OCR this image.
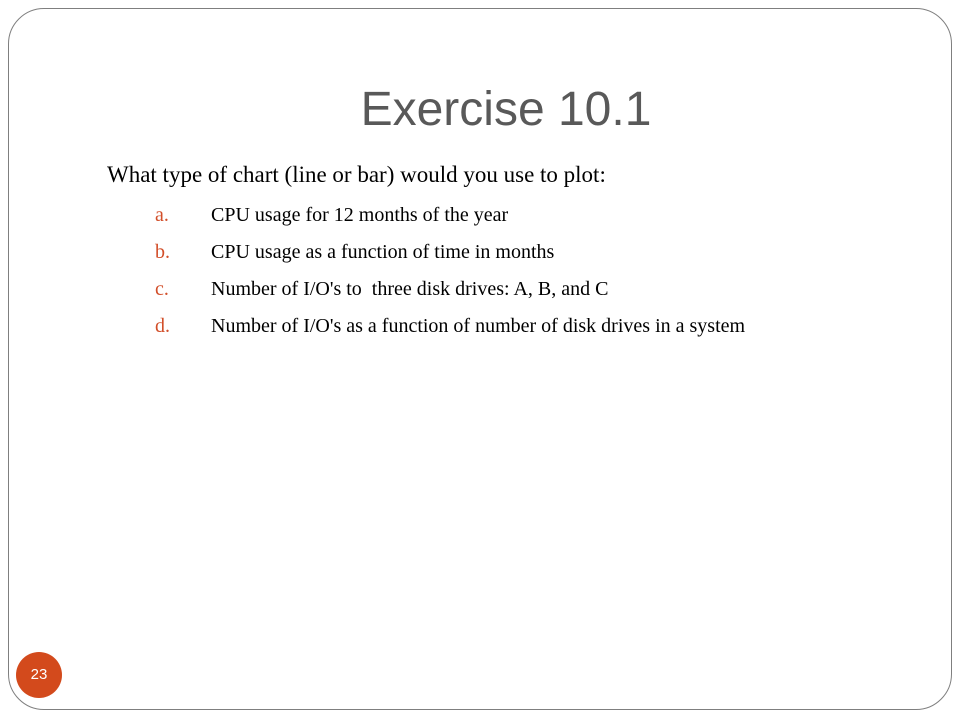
Exercise 10.1
What type of chart (line or bar) would you use to plot:
a. CPU usage for 12 months of the year
b. CPU usage as a function of time in months
c. Number of I/O's to  three disk drives: A, B, and C
d. Number of I/O's as a function of number of disk drives in a system
23
